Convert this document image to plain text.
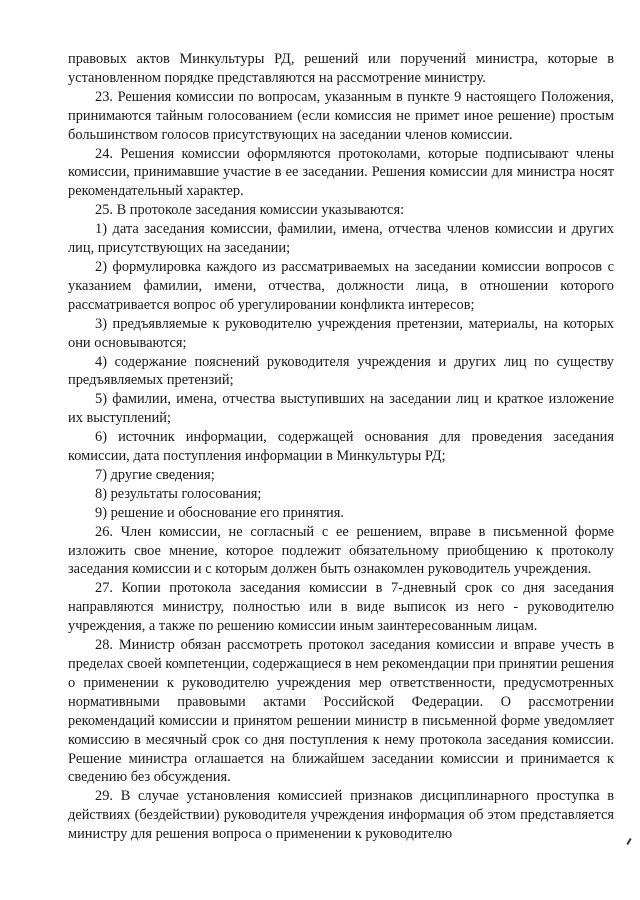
правовых актов Минкультуры РД, решений или поручений министра, которые в установленном порядке представляются на рассмотрение министру.

23. Решения комиссии по вопросам, указанным в пункте 9 настоящего Положения, принимаются тайным голосованием (если комиссия не примет иное решение) простым большинством голосов присутствующих на заседании членов комиссии.

24. Решения комиссии оформляются протоколами, которые подписывают члены комиссии, принимавшие участие в ее заседании. Решения комиссии для министра носят рекомендательный характер.

25. В протоколе заседания комиссии указываются:

1) дата заседания комиссии, фамилии, имена, отчества членов комиссии и других лиц, присутствующих на заседании;

2) формулировка каждого из рассматриваемых на заседании комиссии вопросов с указанием фамилии, имени, отчества, должности лица, в отношении которого рассматривается вопрос об урегулировании конфликта интересов;

3) предъявляемые к руководителю учреждения претензии, материалы, на которых они основываются;

4) содержание пояснений руководителя учреждения и других лиц по существу предъявляемых претензий;

5) фамилии, имена, отчества выступивших на заседании лиц и краткое изложение их выступлений;

6) источник информации, содержащей основания для проведения заседания комиссии, дата поступления информации в Минкультуры РД;

7) другие сведения;

8) результаты голосования;

9) решение и обоснование его принятия.

26. Член комиссии, не согласный с ее решением, вправе в письменной форме изложить свое мнение, которое подлежит обязательному приобщению к протоколу заседания комиссии и с которым должен быть ознакомлен руководитель учреждения.

27. Копии протокола заседания комиссии в 7-дневный срок со дня заседания направляются министру, полностью или в виде выписок из него - руководителю учреждения, а также по решению комиссии иным заинтересованным лицам.

28. Министр обязан рассмотреть протокол заседания комиссии и вправе учесть в пределах своей компетенции, содержащиеся в нем рекомендации при принятии решения о применении к руководителю учреждения мер ответственности, предусмотренных нормативными правовыми актами Российской Федерации. О рассмотрении рекомендаций комиссии и принятом решении министр в письменной форме уведомляет комиссию в месячный срок со дня поступления к нему протокола заседания комиссии. Решение министра оглашается на ближайшем заседании комиссии и принимается к сведению без обсуждения.

29. В случае установления комиссией признаков дисциплинарного проступка в действиях (бездействии) руководителя учреждения информация об этом представляется министру для решения вопроса о применении к руководителю
